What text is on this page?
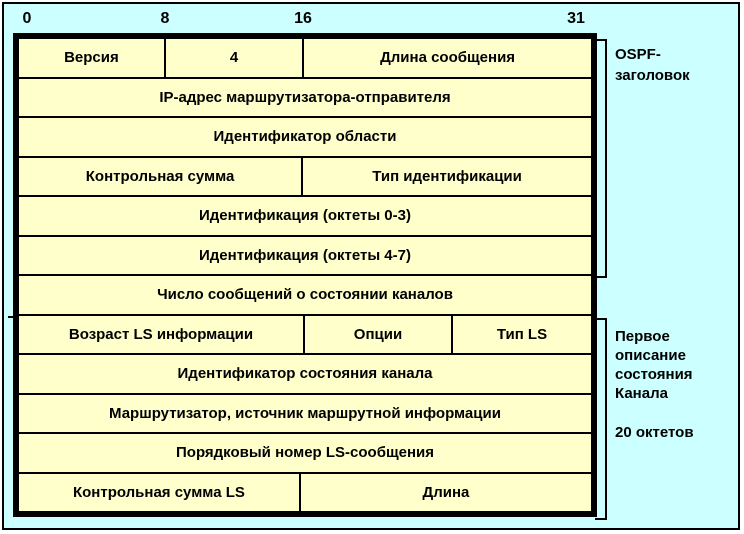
0	8	16	31
Версия	4	Длина сообщения
IP-адрес маршрутизатора-отправителя
Идентификатор области
Контрольная сумма	Тип идентификации
Идентификация (октеты 0-3)
Идентификация (октеты 4-7)
Число сообщений о состоянии каналов
Возраст LS информации	Опции	Тип LS
Идентификатор состояния канала
Маршрутизатор, источник маршрутной информации
Порядковый номер LS-сообщения
Контрольная сумма LS	Длина
OSPF-
заголовок
Первое
описание
состояния
Канала
20 октетов
